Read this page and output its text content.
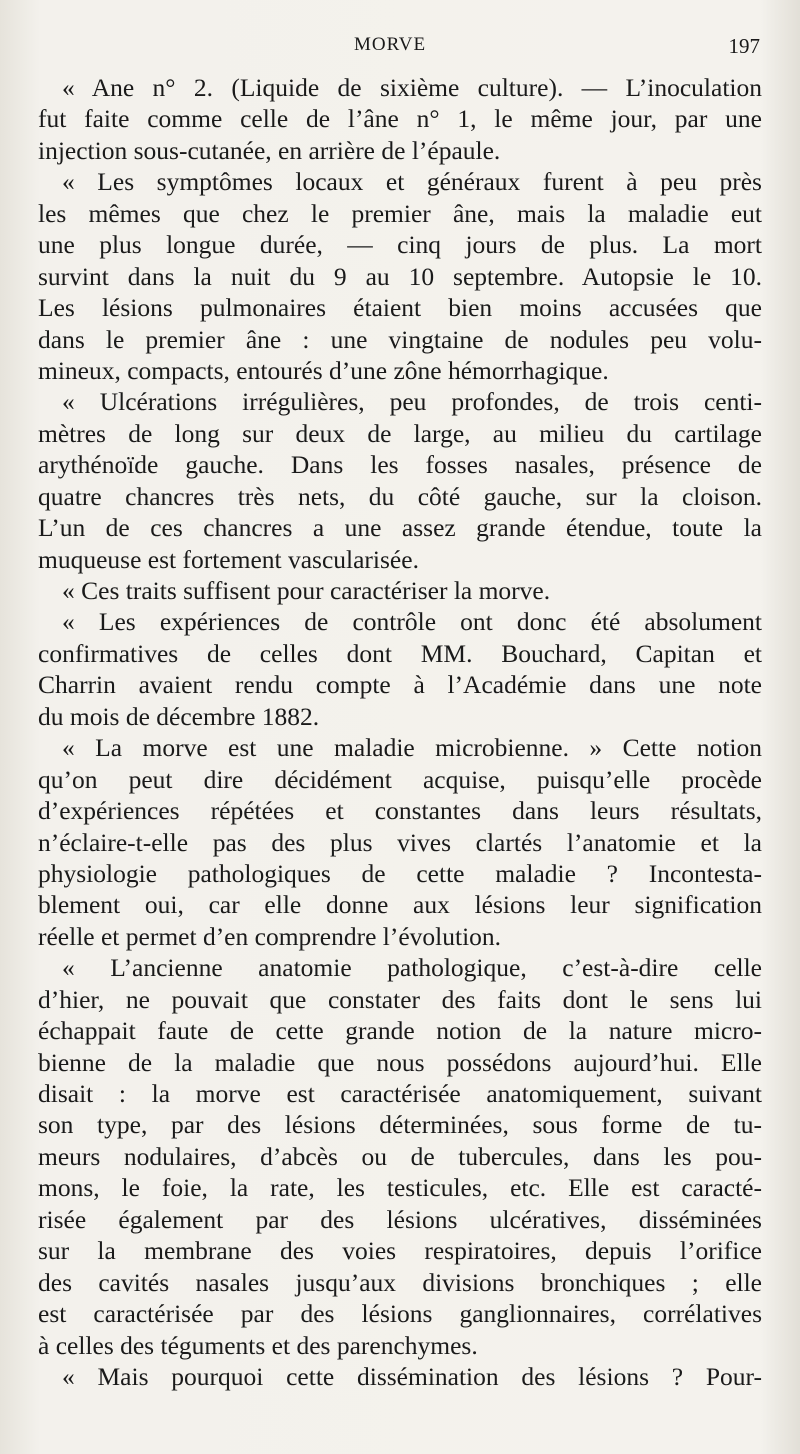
MORVE	197
« Ane n° 2. (Liquide de sixième culture). — L’inoculation
fut faite comme celle de l’âne n° 1, le même jour, par une
injection sous-cutanée, en arrière de l’épaule.
« Les symptômes locaux et généraux furent à peu près
les mêmes que chez le premier âne, mais la maladie eut
une plus longue durée, — cinq jours de plus. La mort
survint dans la nuit du 9 au 10 septembre. Autopsie le 10.
Les lésions pulmonaires étaient bien moins accusées que
dans le premier âne : une vingtaine de nodules peu volu-
mineux, compacts, entourés d’une zône hémorrhagique.
« Ulcérations irrégulières, peu profondes, de trois centi-
mètres de long sur deux de large, au milieu du cartilage
arythénoïde gauche. Dans les fosses nasales, présence de
quatre chancres très nets, du côté gauche, sur la cloison.
L’un de ces chancres a une assez grande étendue, toute la
muqueuse est fortement vascularisée.
« Ces traits suffisent pour caractériser la morve.
« Les expériences de contrôle ont donc été absolument
confirmatives de celles dont MM. Bouchard, Capitan et
Charrin avaient rendu compte à l’Académie dans une note
du mois de décembre 1882.
« La morve est une maladie microbienne. » Cette notion
qu’on peut dire décidément acquise, puisqu’elle procède
d’expériences répétées et constantes dans leurs résultats,
n’éclaire-t-elle pas des plus vives clartés l’anatomie et la
physiologie pathologiques de cette maladie ? Incontesta-
blement oui, car elle donne aux lésions leur signification
réelle et permet d’en comprendre l’évolution.
« L’ancienne anatomie pathologique, c’est-à-dire celle
d’hier, ne pouvait que constater des faits dont le sens lui
échappait faute de cette grande notion de la nature micro-
bienne de la maladie que nous possédons aujourd’hui. Elle
disait : la morve est caractérisée anatomiquement, suivant
son type, par des lésions déterminées, sous forme de tu-
meurs nodulaires, d’abcès ou de tubercules, dans les pou-
mons, le foie, la rate, les testicules, etc. Elle est caracté-
risée également par des lésions ulcératives, disséminées
sur la membrane des voies respiratoires, depuis l’orifice
des cavités nasales jusqu’aux divisions bronchiques ; elle
est caractérisée par des lésions ganglionnaires, corrélatives
à celles des téguments et des parenchymes.
« Mais pourquoi cette dissémination des lésions ? Pour-
